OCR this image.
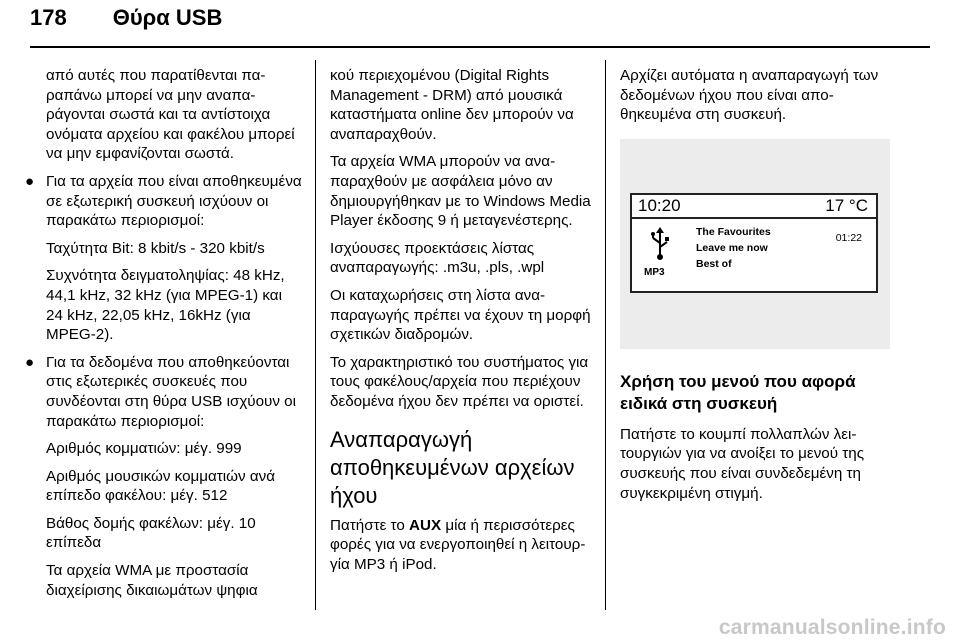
178 Θύρα USB

από αυτές που παρατίθενται παραπάνω μπορεί να μην αναπαράγονται σωστά και τα αντίστοιχα ονόματα αρχείου και φακέλου μπορεί να μην εμφανίζονται σωστά.

● Για τα αρχεία που είναι αποθηκευμένα σε εξωτερική συσκευή ισχύουν οι παρακάτω περιορισμοί:

Ταχύτητα Bit: 8 kbit/s - 320 kbit/s

Συχνότητα δειγματοληψίας: 48 kHz, 44,1 kHz, 32 kHz (για MPEG-1) και 24 kHz, 22,05 kHz, 16kHz (για MPEG-2).

● Για τα δεδομένα που αποθηκεύονται στις εξωτερικές συσκευές που συνδέονται στη θύρα USB ισχύουν οι παρακάτω περιορισμοί:

Αριθμός κομματιών: μέγ. 999

Αριθμός μουσικών κομματιών ανά επίπεδο φακέλου: μέγ. 512

Βάθος δομής φακέλων: μέγ. 10 επίπεδα

Τα αρχεία WMA με προστασία διαχείρισης δικαιωμάτων ψηφια

κού περιεχομένου (Digital Rights Management - DRM) από μουσικά καταστήματα online δεν μπορούν να αναπαραχθούν.

Τα αρχεία WMA μπορούν να αναπαραχθούν με ασφάλεια μόνο αν δημιουργήθηκαν με το Windows Media Player έκδοσης 9 ή μεταγενέστερης.

Ισχύουσες προεκτάσεις λίστας αναπαραγωγής: .m3u, .pls, .wpl

Οι καταχωρήσεις στη λίστα αναπαραγωγής πρέπει να έχουν τη μορφή σχετικών διαδρομών.

Το χαρακτηριστικό του συστήματος για τους φακέλους/αρχεία που περιέχουν δεδομένα ήχου δεν πρέπει να οριστεί.

Αναπαραγωγή αποθηκευμένων αρχείων ήχου

Πατήστε το AUX μία ή περισσότερες φορές για να ενεργοποιηθεί η λειτουργία MP3 ή iPod.

Αρχίζει αυτόματα η αναπαραγωγή των δεδομένων ήχου που είναι αποθηκευμένα στη συσκευή.

10:20	17 °C
MP3
The Favourites
Leave me now
Best of
01:22
Χρήση του μενού που αφορά ειδικά στη συσκευή

Πατήστε το κουμπί πολλαπλών λειτουργιών για να ανοίξει το μενού της συσκευής που είναι συνδεδεμένη τη συγκεκριμένη στιγμή.

carmanualsonline.info
